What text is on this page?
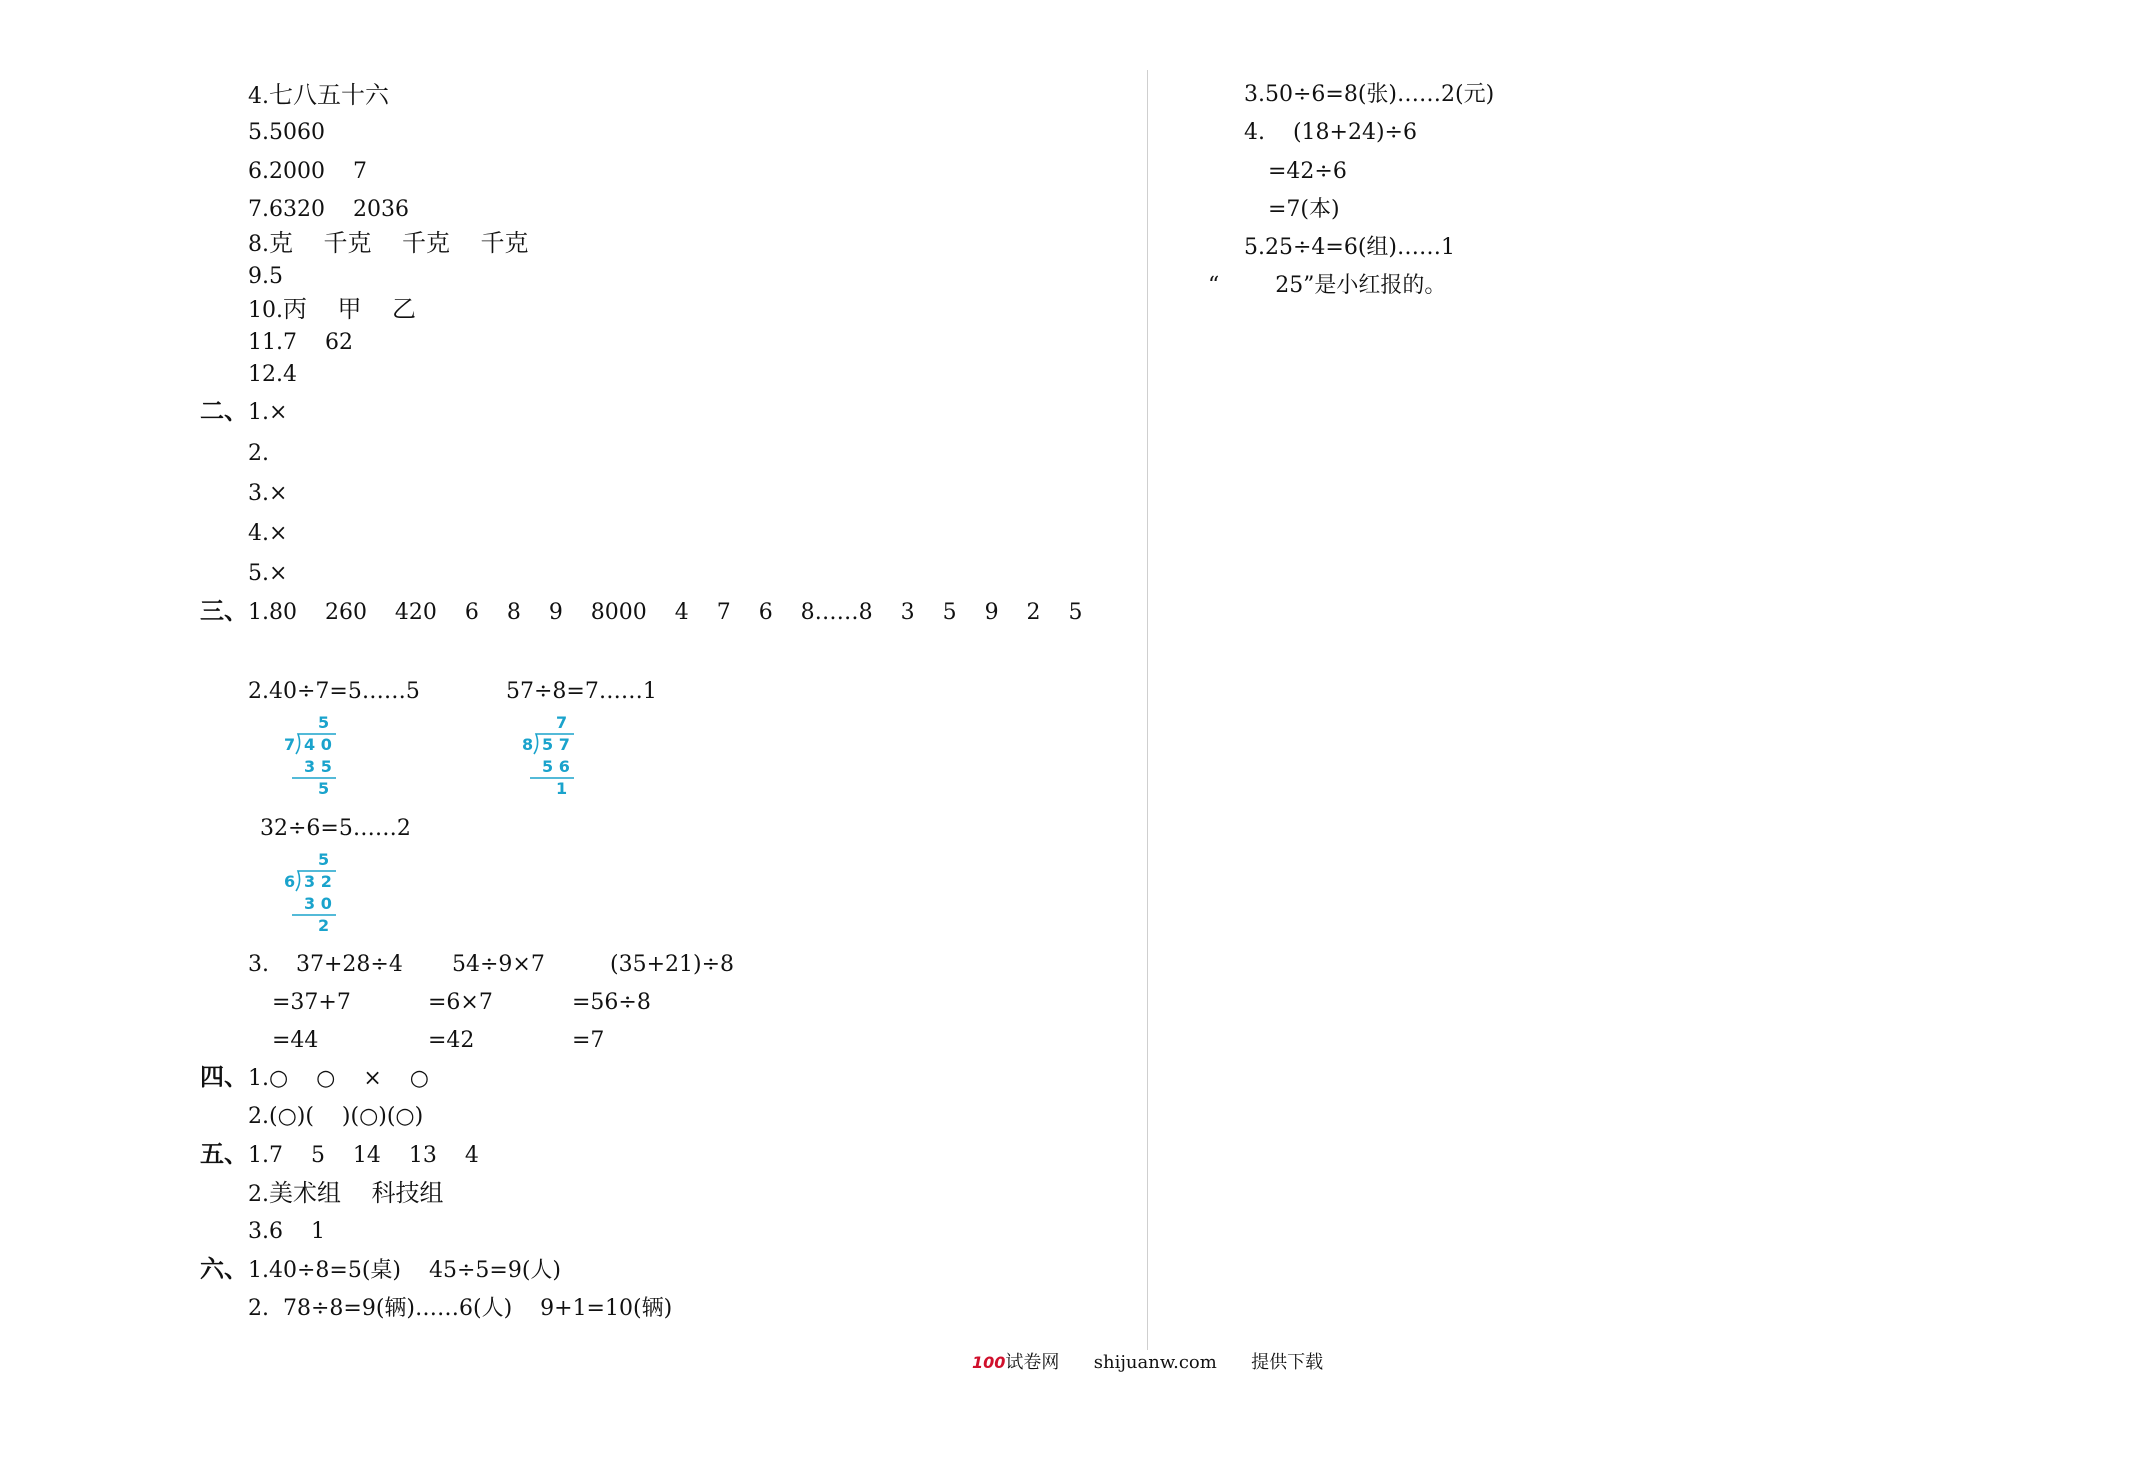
4.七八五十六
5.5060
6.2000    7
7.6320    2036
8.克    千克    千克    千克
9.5
10.丙    甲    乙
11.7    62
12.4
二、 1.×
2.
3.×
4.×
5.×
三、 1.80    260    420    6    8    9    8000    4    7    6    8……8    3    5    9    2    5
2.40÷7=5……5	57÷8=7……1

5

7

4 0

3 5

5

7

8

5 7

5 6

1

32÷6=5……2

5

6

3 2

3 0

2

3. 37+28÷4 54÷9×7	(35+21)÷8
=37+7	=6×7	=56÷8
=44	=42	=7
四、 1.○    ○    ×    ○
2.(○)(    )(○)(○)
五、 1.7    5    14    13    4
2.美术组    科技组
3.6    1
六、 1.40÷8=5(桌)    45÷5=9(人)
2.  78÷8=9(辆)……6(人)    9+1=10(辆)
3.50÷6=8(张)……2(元)
4.    (18+24)÷6
=42÷6
=7(本)
5.25÷4=6(组)……1
“        25”是小红报的。
100试卷网 shijuanw.com 提供下载
